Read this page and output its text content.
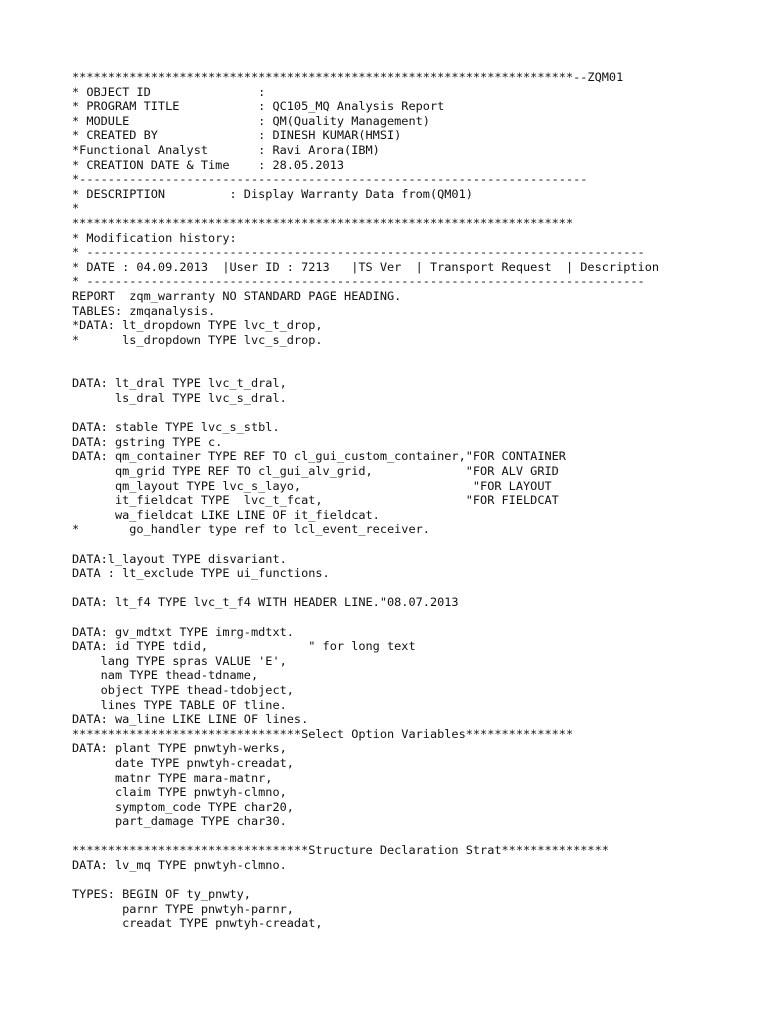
**********************************************************************--ZQM01
* OBJECT ID               :
* PROGRAM TITLE           : QC105_MQ Analysis Report
* MODULE                  : QM(Quality Management)
* CREATED BY              : DINESH KUMAR(HMSI)
*Functional Analyst       : Ravi Arora(IBM)
* CREATION DATE & Time    : 28.05.2013
*-----------------------------------------------------------------------
* DESCRIPTION         : Display Warranty Data from(QM01)
*
**********************************************************************
* Modification history:
* ------------------------------------------------------------------------------
* DATE : 04.09.2013  |User ID : 7213   |TS Ver  | Transport Request  | Description
* ------------------------------------------------------------------------------
REPORT  zqm_warranty NO STANDARD PAGE HEADING.
TABLES: zmqanalysis.
*DATA: lt_dropdown TYPE lvc_t_drop,
*      ls_dropdown TYPE lvc_s_drop.
DATA: lt_dral TYPE lvc_t_dral,
ls_dral TYPE lvc_s_dral.
DATA: stable TYPE lvc_s_stbl.
DATA: gstring TYPE c.
DATA: qm_container TYPE REF TO cl_gui_custom_container,"FOR CONTAINER
qm_grid TYPE REF TO cl_gui_alv_grid,             "FOR ALV GRID
qm_layout TYPE lvc_s_layo,                        "FOR LAYOUT
it_fieldcat TYPE  lvc_t_fcat,                    "FOR FIELDCAT
wa_fieldcat LIKE LINE OF it_fieldcat.
*       go_handler type ref to lcl_event_receiver.
DATA:l_layout TYPE disvariant.
DATA : lt_exclude TYPE ui_functions.
DATA: lt_f4 TYPE lvc_t_f4 WITH HEADER LINE."08.07.2013
DATA: gv_mdtxt TYPE imrg-mdtxt.
DATA: id TYPE tdid,              " for long text
lang TYPE spras VALUE 'E',
nam TYPE thead-tdname,
object TYPE thead-tdobject,
lines TYPE TABLE OF tline.
DATA: wa_line LIKE LINE OF lines.
********************************Select Option Variables***************
DATA: plant TYPE pnwtyh-werks,
date TYPE pnwtyh-creadat,
matnr TYPE mara-matnr,
claim TYPE pnwtyh-clmno,
symptom_code TYPE char20,
part_damage TYPE char30.
*********************************Structure Declaration Strat***************
DATA: lv_mq TYPE pnwtyh-clmno.
TYPES: BEGIN OF ty_pnwty,
parnr TYPE pnwtyh-parnr,
creadat TYPE pnwtyh-creadat,
